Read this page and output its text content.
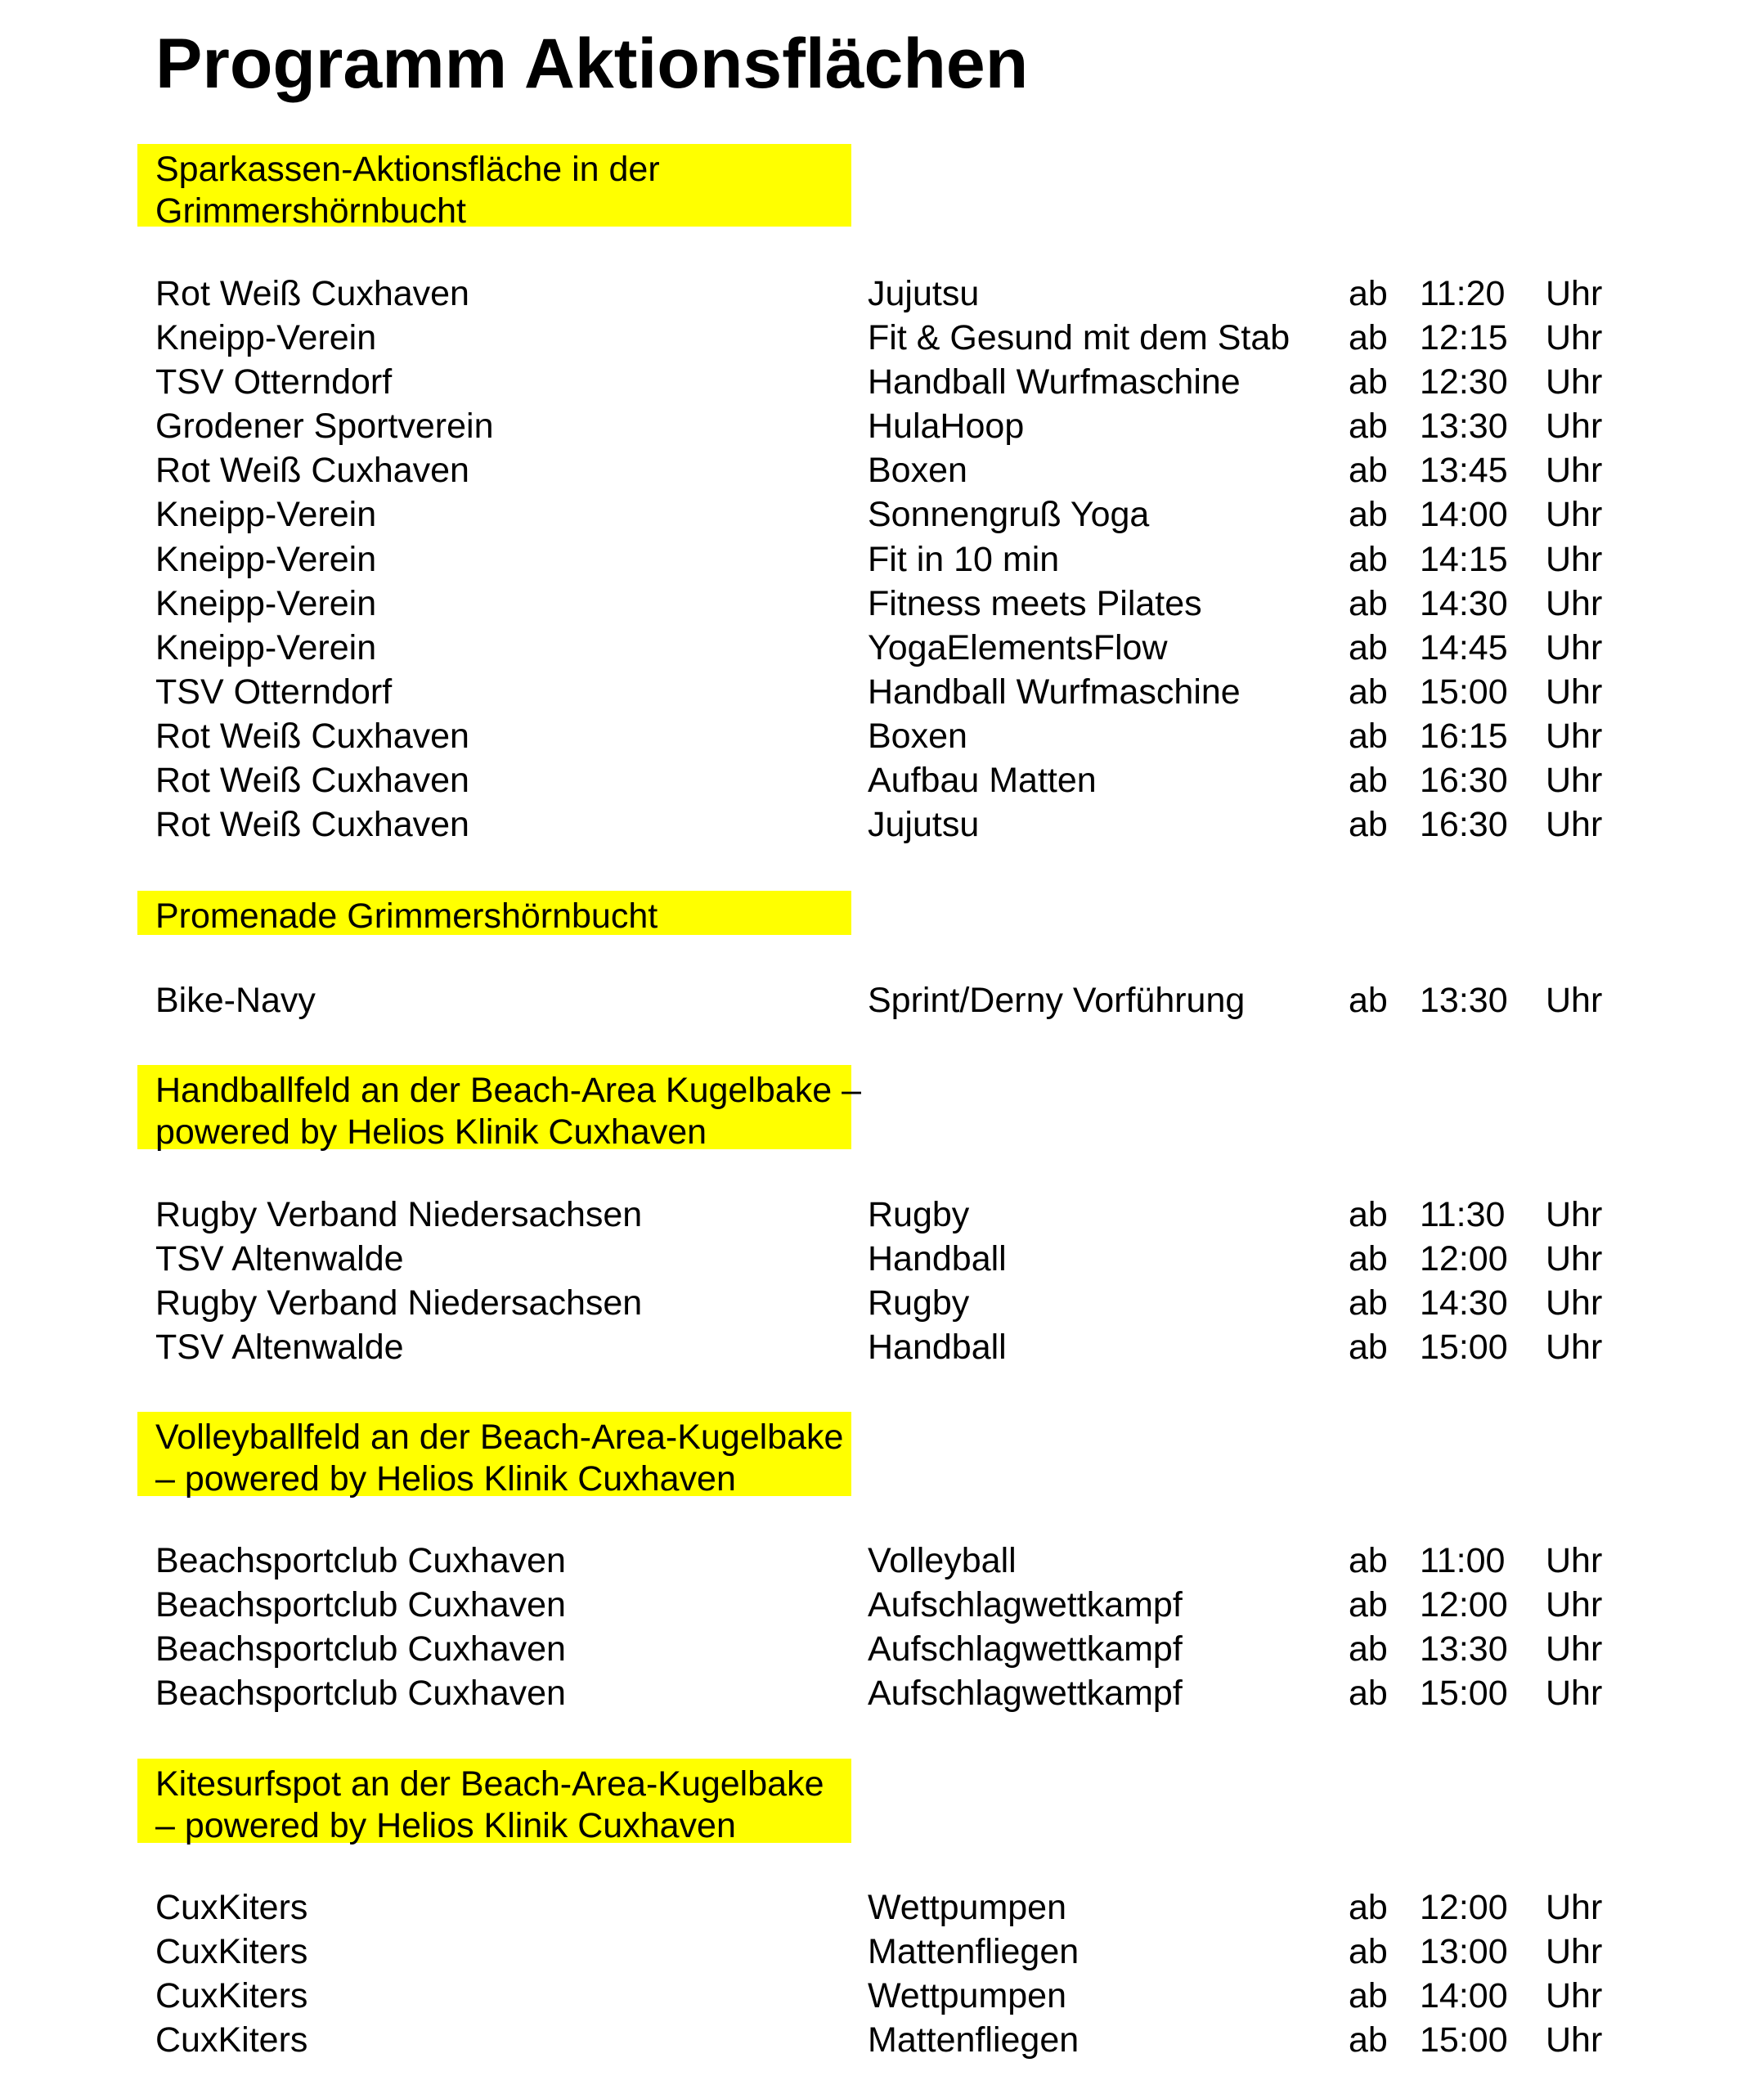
Programm Aktionsflächen
Sparkassen-Aktionsfläche in der
Grimmershörnbucht
Rot Weiß Cuxhaven	Jujutsu	ab 11:20 Uhr
Kneipp-Verein	Fit & Gesund mit dem Stab ab 12:15 Uhr
TSV Otterndorf	Handball Wurfmaschine	ab 12:30 Uhr
Grodener Sportverein	HulaHoop	ab 13:30 Uhr
Rot Weiß Cuxhaven	Boxen	ab 13:45 Uhr
Kneipp-Verein	Sonnengruß Yoga	ab 14:00 Uhr
Kneipp-Verein	Fit in 10 min	ab 14:15 Uhr
Kneipp-Verein	Fitness meets Pilates	ab 14:30 Uhr
Kneipp-Verein	YogaElementsFlow	ab 14:45 Uhr
TSV Otterndorf	Handball Wurfmaschine	ab 15:00 Uhr
Rot Weiß Cuxhaven	Boxen	ab 16:15 Uhr
Rot Weiß Cuxhaven	Aufbau Matten	ab 16:30 Uhr
Rot Weiß Cuxhaven	Jujutsu	ab 16:30 Uhr
Promenade Grimmershörnbucht
Bike-Navy	Sprint/Derny Vorführung	ab 13:30 Uhr
Handballfeld an der Beach-Area Kugelbake –
powered by Helios Klinik Cuxhaven
Rugby Verband Niedersachsen	Rugby	ab 11:30 Uhr
TSV Altenwalde	Handball	ab 12:00 Uhr
Rugby Verband Niedersachsen	Rugby	ab 14:30 Uhr
TSV Altenwalde	Handball	ab 15:00 Uhr
Volleyballfeld an der Beach-Area-Kugelbake
– powered by Helios Klinik Cuxhaven
Beachsportclub Cuxhaven	Volleyball	ab 11:00 Uhr
Beachsportclub Cuxhaven	Aufschlagwettkampf	ab 12:00 Uhr
Beachsportclub Cuxhaven	Aufschlagwettkampf	ab 13:30 Uhr
Beachsportclub Cuxhaven	Aufschlagwettkampf	ab 15:00 Uhr
Kitesurfspot an der Beach-Area-Kugelbake
– powered by Helios Klinik Cuxhaven
CuxKiters	Wettpumpen	ab 12:00 Uhr
CuxKiters	Mattenfliegen	ab 13:00 Uhr
CuxKiters	Wettpumpen	ab 14:00 Uhr
CuxKiters	Mattenfliegen	ab 15:00 Uhr
